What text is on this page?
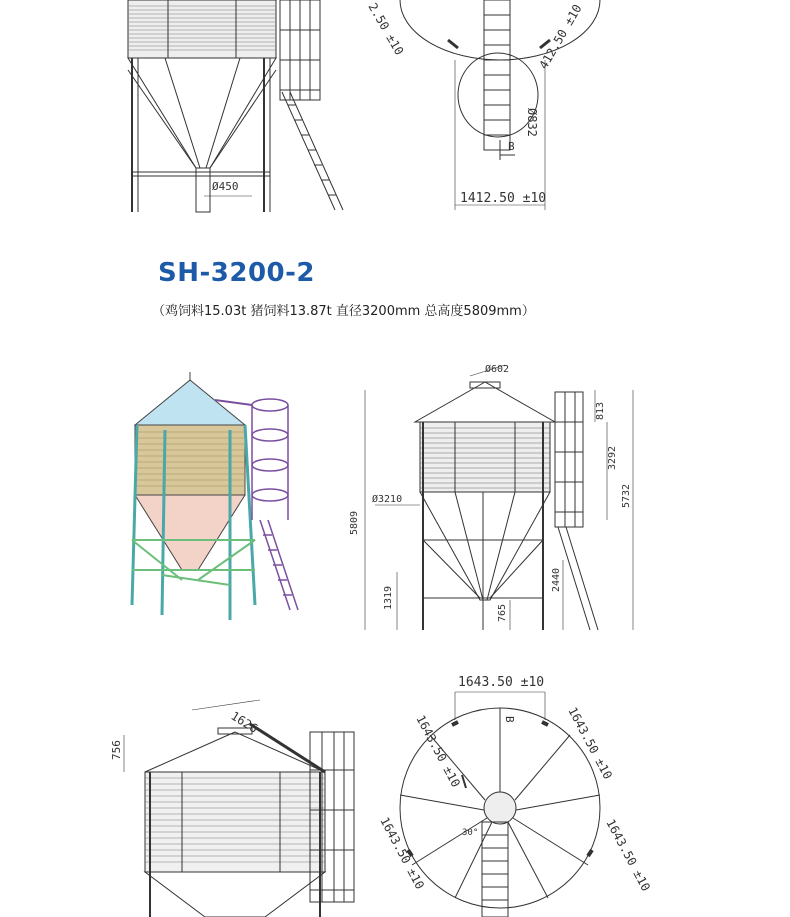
Ø450
1412.50 ±10
B
Ø832
2.50 ±10	412.50 ±10
SH-3200-2
（鸡饲料15.03t 猪饲料13.87t 直径3200mm 总高度5809mm）
Ø602
Ø3210
5809
1319
765
2440
813
3292
5732
1626
756
1643.50 ±10
B
30°
1643.50 ±10	1643.50 ±10
1643.50 ±10	1643.50 ±10
